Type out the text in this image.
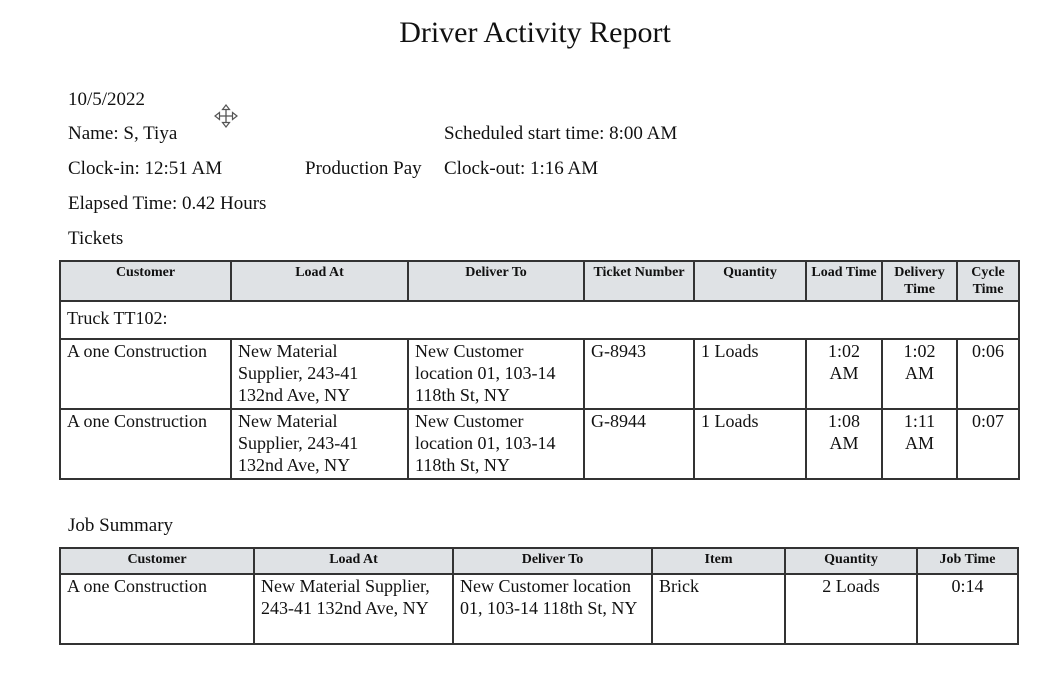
Driver Activity Report
10/5/2022
Name: S, Tiya	Scheduled start time: 8:00 AM
Clock-in: 12:51 AM	Production Pay Clock-out: 1:16 AM
Elapsed Time: 0.42 Hours
Tickets
Customer	Load At	Deliver To	Ticket Number	Quantity	Load Time	Delivery Time	Cycle Time
Truck TT102:							
A one Construction	New Material Supplier, 243-41 132nd Ave, NY	New Customer location 01, 103-14 118th St, NY	G-8943	1 Loads	1:02 AM	1:02 AM	0:06
A one Construction	New Material Supplier, 243-41 132nd Ave, NY	New Customer location 01, 103-14 118th St, NY	G-8944	1 Loads	1:08 AM	1:11 AM	0:07
Job Summary
Customer	Load At	Deliver To	Item	Quantity	Job Time
A one Construction	New Material Supplier, 243-41 132nd Ave, NY	New Customer location 01, 103-14 118th St, NY	Brick	2 Loads	0:14
